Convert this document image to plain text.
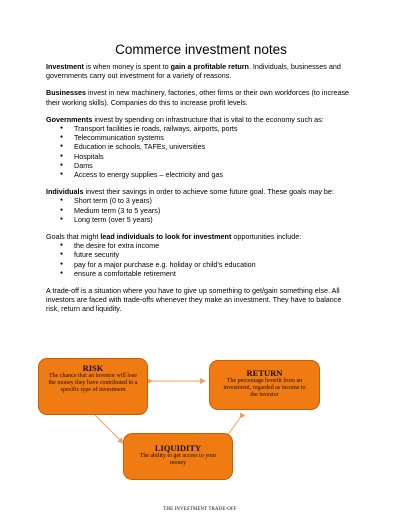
Commerce investment notes

Investment is when money is spent to gain a profitable return. Individuals, businesses and governments carry out investment for a variety of reasons.

Businesses invest in new machinery, factories, other firms or their own workforces (to increase their working skills). Companies do this to increase profit levels.

Governments invest by spending on infrastructure that is vital to the economy such as:

● Transport facilities ie roads, railways, airports, ports
● Telecommunication systems
● Education ie schools, TAFEs, universities
● Hospitals
● Dams
● Access to energy supplies – electricity and gas

Individuals invest their savings in order to achieve some future goal. These goals may be:

● Short term (0 to 3 years)
● Medium term (3 to 5 years)
● Long term (over 5 years)

Goals that might lead individuals to look for investment opportunities include:

● the desire for extra income
● future security
● pay for a major purchase e.g. holiday or child’s education
● ensure a comfortable retirement

A trade-off is a situation where you have to give up something to get/gain something else. All investors are faced with trade-offs whenever they make an investment. They have to balance risk, return and liquidity.

RISK
The chance that an investor will lose the money they have contributed to a specific type of investment
RETURN
The percentage benefit from an investment, regarded as income to the investor
LIQUIDITY
The ability to get access to your money
THE INVESTMENT TRADE-OFF
